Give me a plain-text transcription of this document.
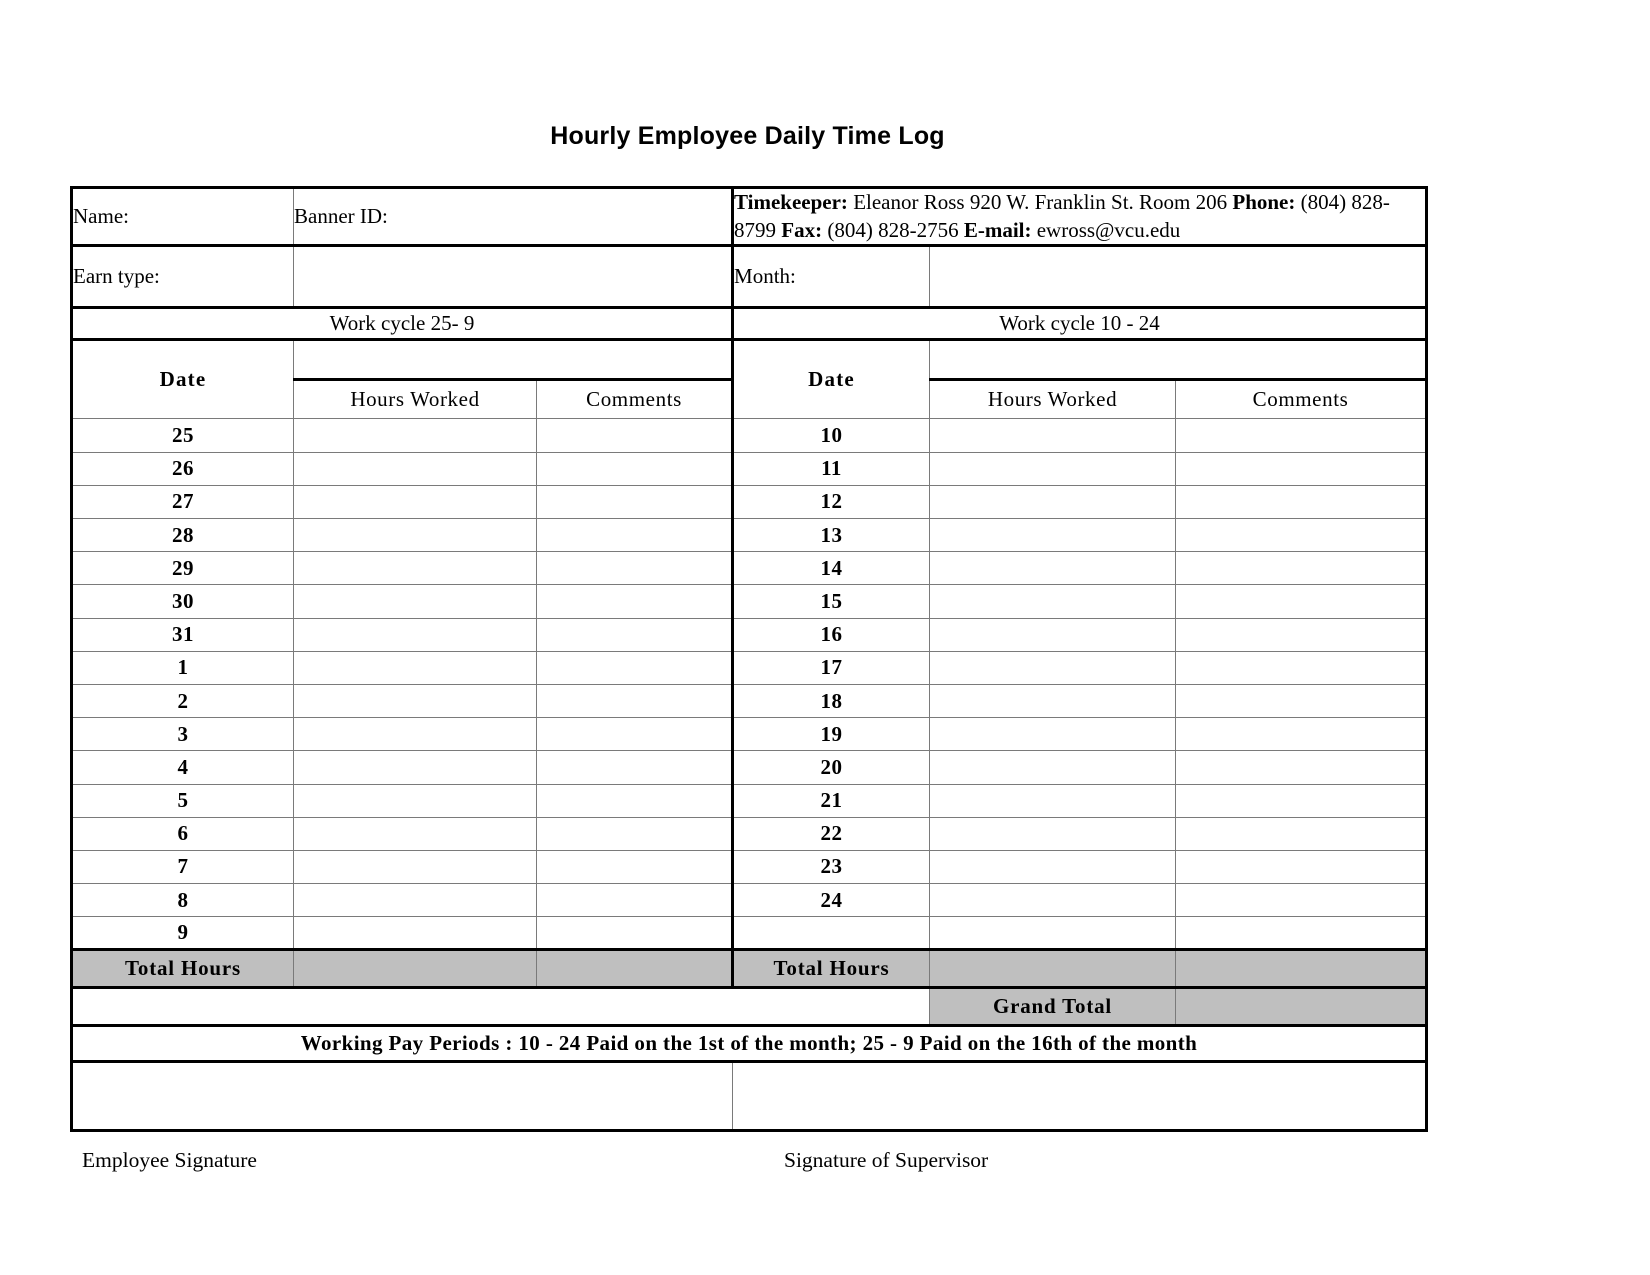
Hourly Employee Daily Time Log
Name:	Banner ID:		Timekeeper: Eleanor Ross 920 W. Franklin St. Room 206 Phone: (804) 828-8799 Fax: (804) 828-2756 E-mail: ewross@vcu.edu		
Earn type:			Month:		
Work cycle 25- 9			Work cycle 10 - 24		
Date			Date		
	Hours Worked	Comments		Hours Worked	Comments
25			10		
26			11		
27			12		
28			13		
29			14		
30			15		
31			16		
1			17		
2			18		
3			19		
4			20		
5			21		
6			22		
7			23		
8			24		
9					
Total Hours			Total Hours		
				Grand Total	
Working Pay Periods : 10 - 24 Paid on the 1st of the month; 25 - 9 Paid on the 16th of the month					

Employee Signature	Signature of Supervisor
